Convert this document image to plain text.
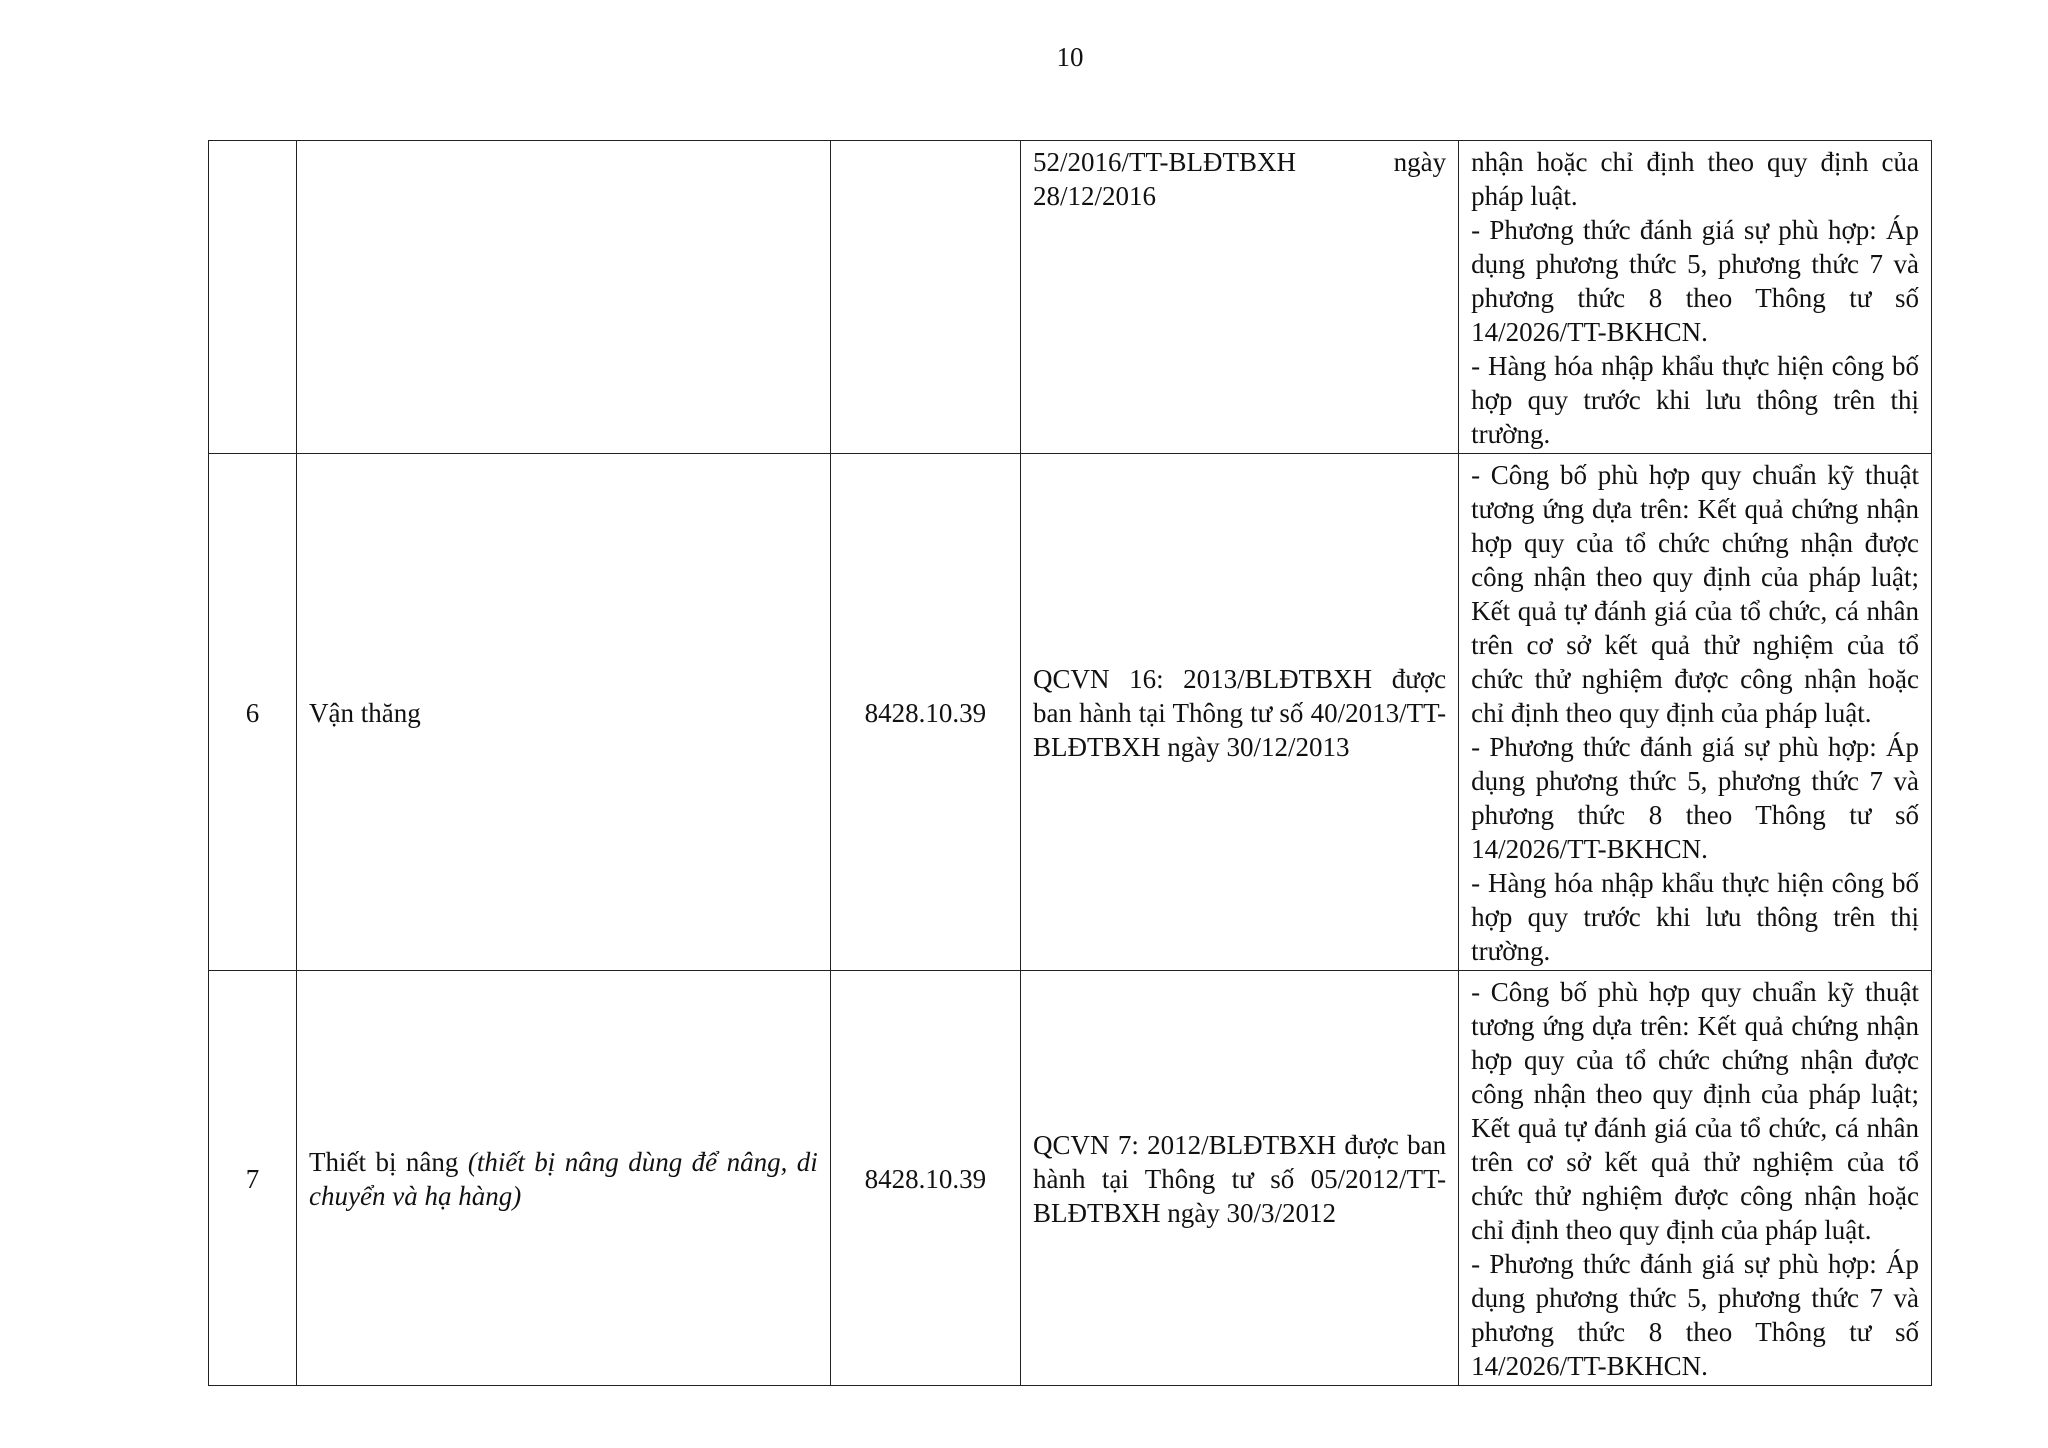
10
			52/2016/TT-BLĐTBXH ngày 28/12/2016	nhận hoặc chỉ định theo quy định của pháp luật.
- Phương thức đánh giá sự phù hợp: Áp dụng phương thức 5, phương thức 7 và phương thức 8 theo Thông tư số 14/2026/TT-BKHCN.
- Hàng hóa nhập khẩu thực hiện công bố hợp quy trước khi lưu thông trên thị trường.

6	Vận thăng	8428.10.39	QCVN 16: 2013/BLĐTBXH được ban hành tại Thông tư số 40/2013/TT-BLĐTBXH ngày 30/12/2013	- Công bố phù hợp quy chuẩn kỹ thuật tương ứng dựa trên: Kết quả chứng nhận hợp quy của tổ chức chứng nhận được công nhận theo quy định của pháp luật; Kết quả tự đánh giá của tổ chức, cá nhân trên cơ sở kết quả thử nghiệm của tổ chức thử nghiệm được công nhận hoặc chỉ định theo quy định của pháp luật.
- Phương thức đánh giá sự phù hợp: Áp dụng phương thức 5, phương thức 7 và phương thức 8 theo Thông tư số 14/2026/TT-BKHCN.
- Hàng hóa nhập khẩu thực hiện công bố hợp quy trước khi lưu thông trên thị trường.

7	Thiết bị nâng (thiết bị nâng dùng để nâng, di chuyển và hạ hàng)	8428.10.39	QCVN 7: 2012/BLĐTBXH được ban hành tại Thông tư số 05/2012/TT-BLĐTBXH ngày 30/3/2012	- Công bố phù hợp quy chuẩn kỹ thuật tương ứng dựa trên: Kết quả chứng nhận hợp quy của tổ chức chứng nhận được công nhận theo quy định của pháp luật; Kết quả tự đánh giá của tổ chức, cá nhân trên cơ sở kết quả thử nghiệm của tổ chức thử nghiệm được công nhận hoặc chỉ định theo quy định của pháp luật.
- Phương thức đánh giá sự phù hợp: Áp dụng phương thức 5, phương thức 7 và phương thức 8 theo Thông tư số 14/2026/TT-BKHCN.
